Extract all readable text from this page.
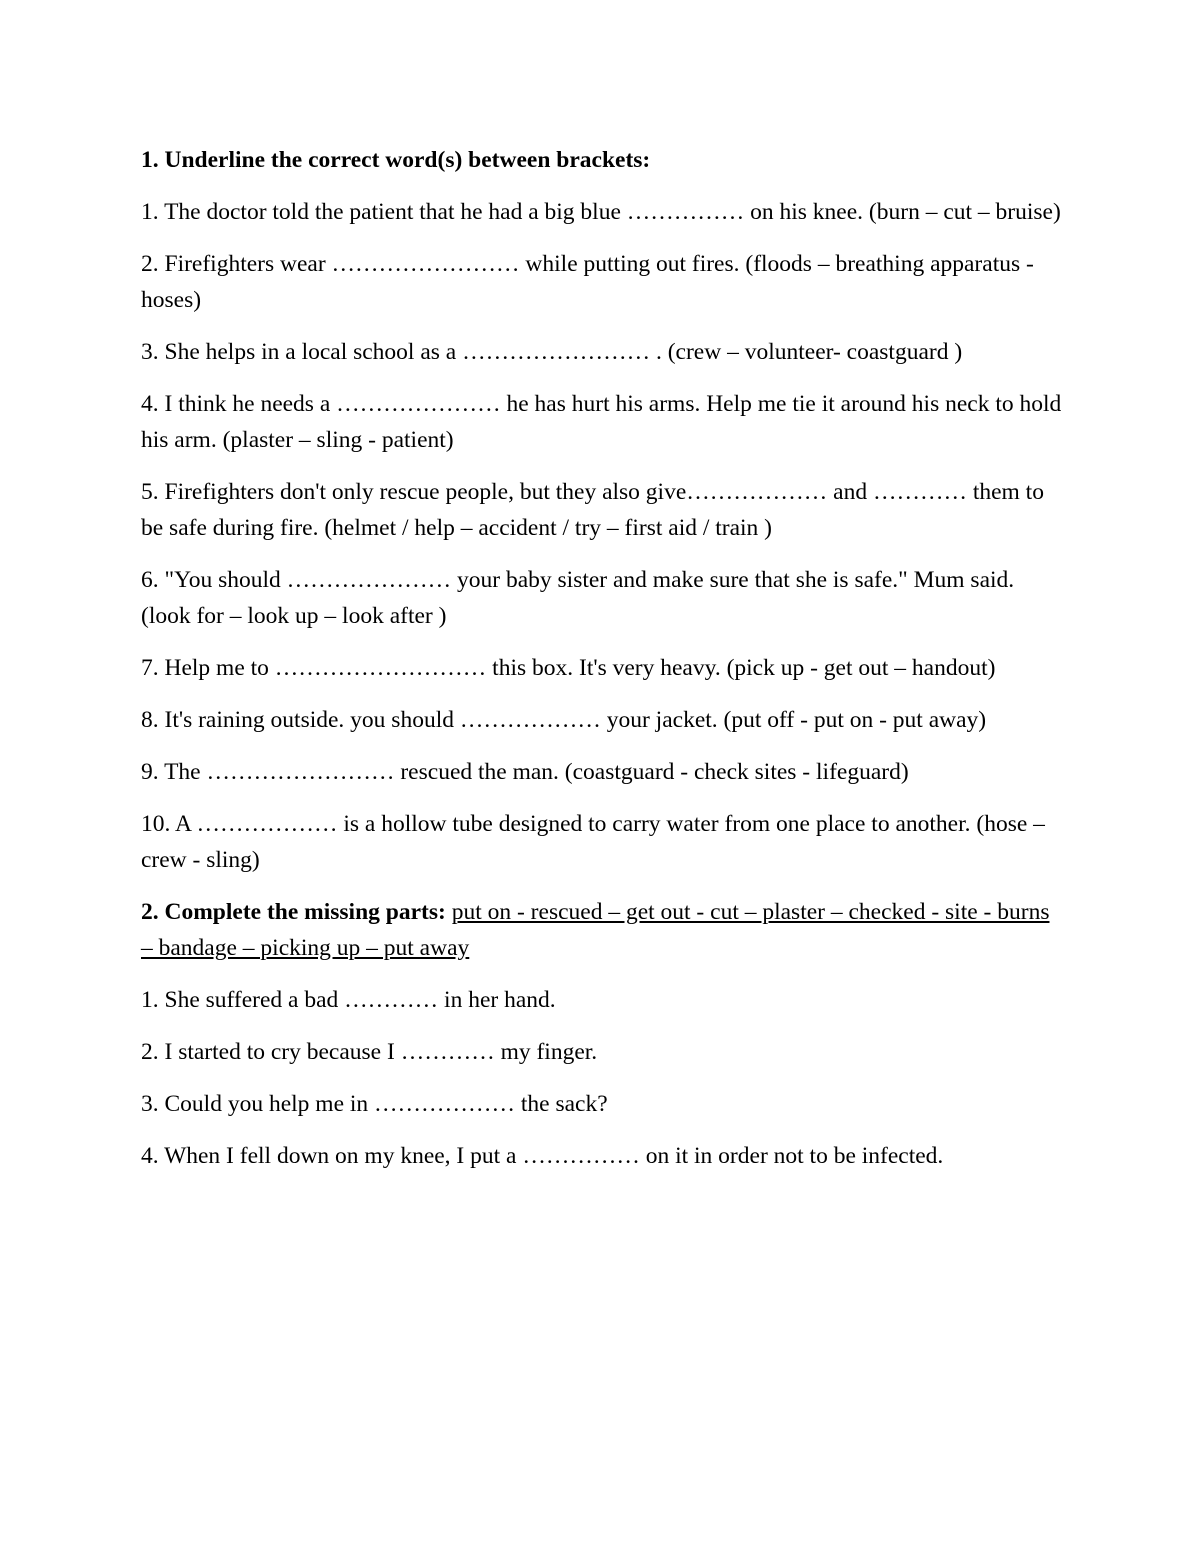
1. Underline the correct word(s) between brackets:

1. The doctor told the patient that he had a big blue …………… on his knee. (burn – cut – bruise)

2. Firefighters wear …………………… while putting out fires. (floods – breathing apparatus - hoses)

3. She helps in a local school as a …………………… . (crew – volunteer- coastguard )

4. I think he needs a ………………… he has hurt his arms. Help me tie it around his neck to hold his arm. (plaster – sling - patient)

5. Firefighters don't only rescue people, but they also give……………… and ………… them to be safe during fire. (helmet / help – accident / try – first aid / train )

6. "You should ………………… your baby sister and make sure that she is safe." Mum said. (look for – look up – look after )

7. Help me to ……………………… this box. It's very heavy. (pick up - get out – handout)

8. It's raining outside. you should ……………… your jacket. (put off - put on - put away)

9. The …………………… rescued the man. (coastguard - check sites - lifeguard)

10. A ……………… is a hollow tube designed to carry water from one place to another. (hose – crew - sling)

2. Complete the missing parts: put on - rescued – get out - cut – plaster – checked - site - burns – bandage – picking up – put away

1. She suffered a bad ………… in her hand.

2. I started to cry because I ………… my finger.

3. Could you help me in ……………… the sack?

4. When I fell down on my knee, I put a …………… on it in order not to be infected.
